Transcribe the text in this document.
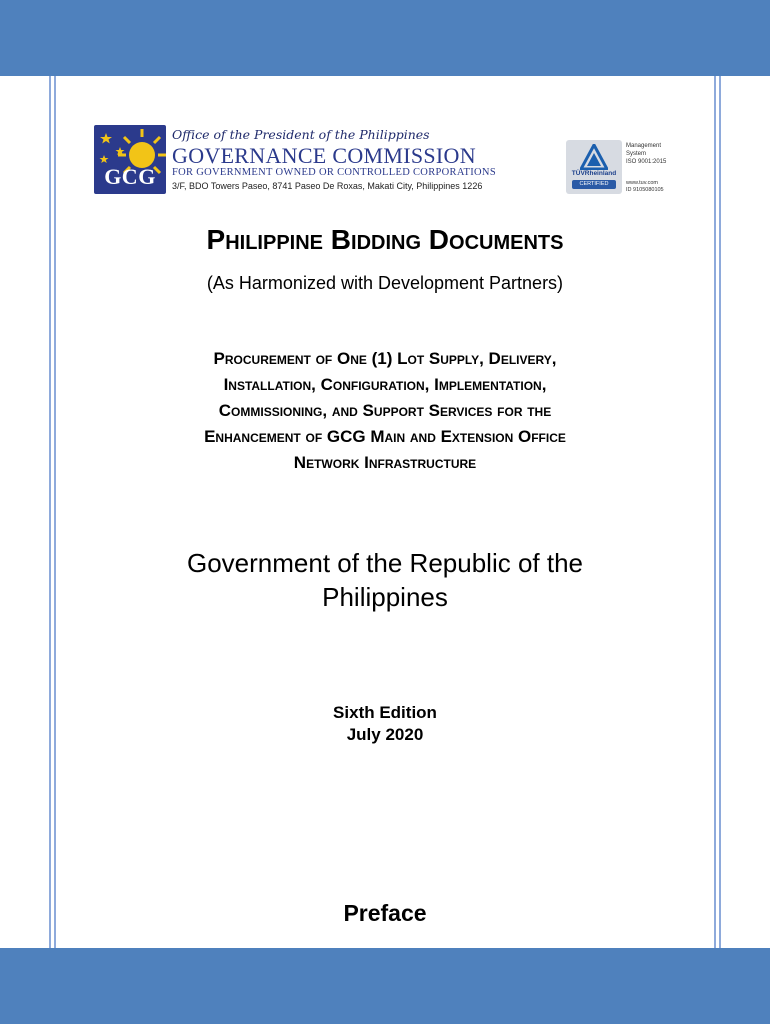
GCG
Office of the President of the Philippines
GOVERNANCE COMMISSION
FOR GOVERNMENT OWNED OR CONTROLLED CORPORATIONS
3/F, BDO Towers Paseo, 8741 Paseo De Roxas, Makati City, Philippines 1226
TÜVRheinland
CERTIFIED
Management
System
ISO 9001:2015
www.tuv.com
ID 9105080105
Philippine Bidding Documents
(As Harmonized with Development Partners)
Procurement of One (1) Lot Supply, Delivery,
Installation, Configuration, Implementation,
Commissioning, and Support Services for the
Enhancement of GCG Main and Extension Office
Network Infrastructure
Government of the Republic of the
Philippines
Sixth Edition
July 2020
Preface
